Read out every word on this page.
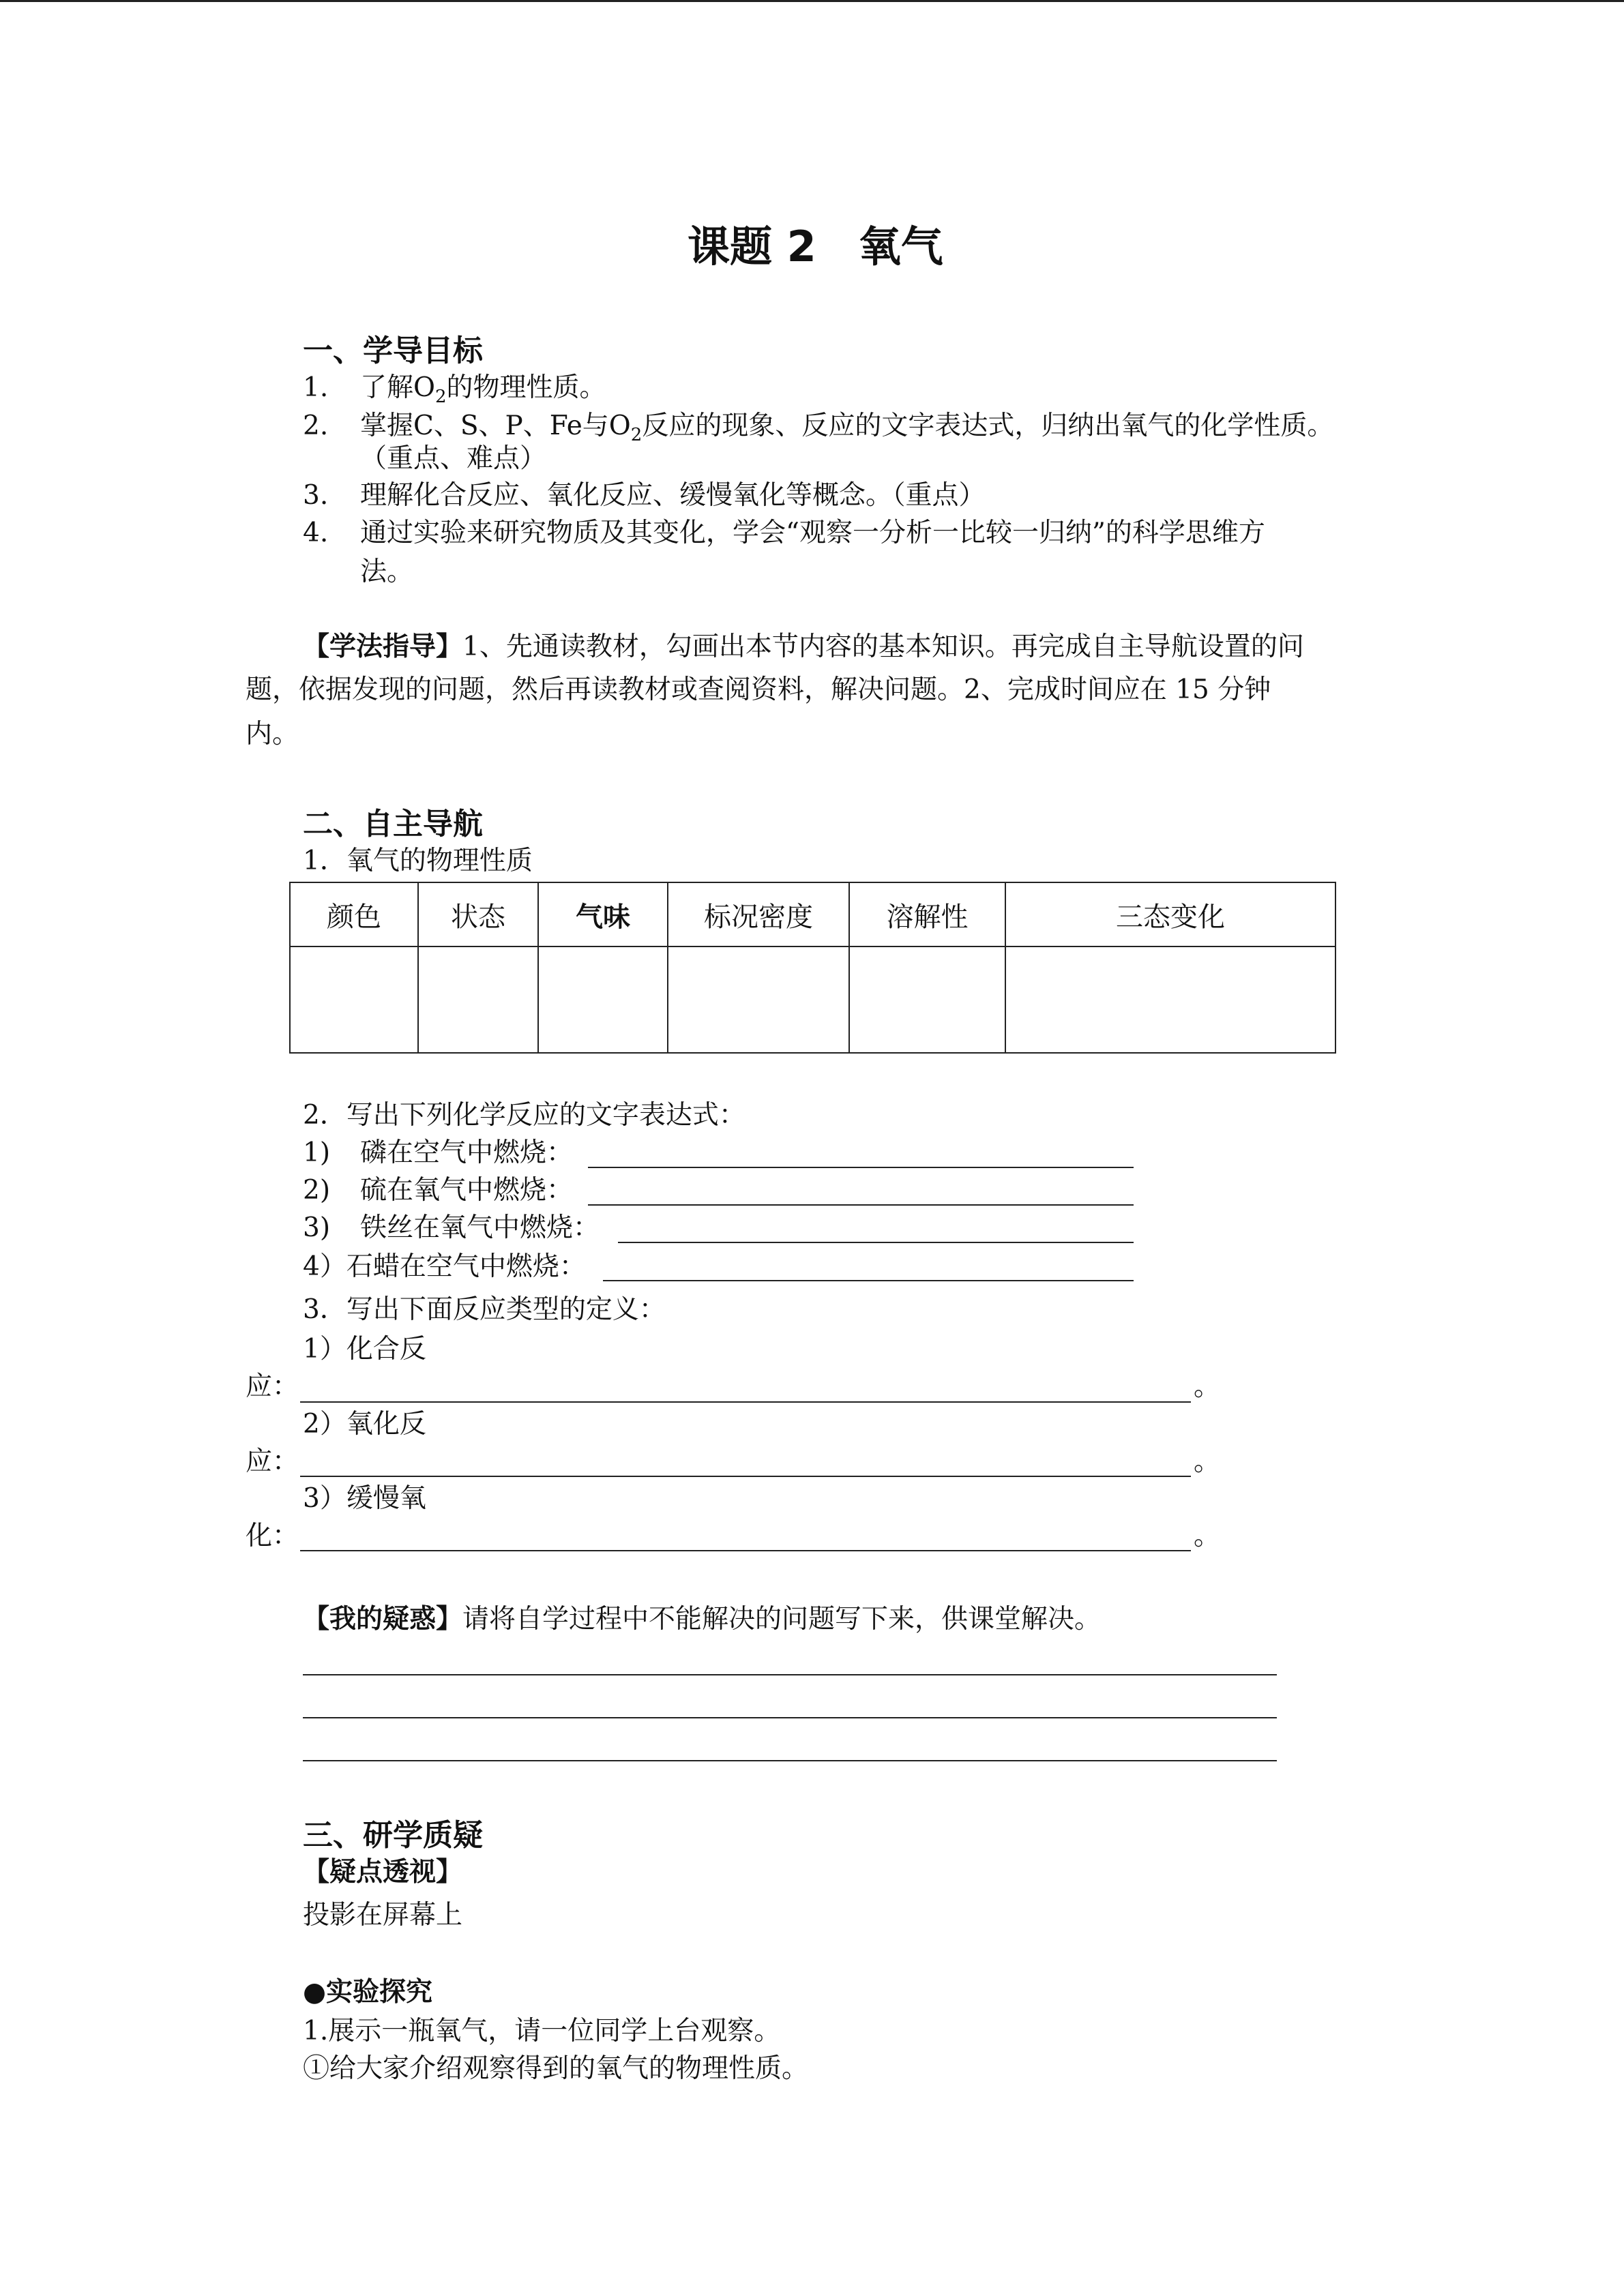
课题 2　氧气
一、学导目标
1. 了解$O_2$的物理性质。
2. 掌握C、S、P、Fe与$O_2$反应的现象、反应的文字表达式，归纳出氧气的化学性质。
（重点、难点）
3. 理解化合反应、氧化反应、缓慢氧化等概念。（重点）
4. 通过实验来研究物质及其变化，学会“观察一分析一比较一归纳”的科学思维方
法。
【学法指导】1、先通读教材，勾画出本节内容的基本知识。再完成自主导航设置的问
题，依据发现的问题，然后再读教材或查阅资料，解决问题。2、完成时间应在 15 分钟
内。
二、自主导航
1．氧气的物理性质
颜色	状态	气味	标况密度	溶解性	三态变化

2．写出下列化学反应的文字表达式：
1) 磷在空气中燃烧：
2) 硫在氧气中燃烧：
3) 铁丝在氧气中燃烧：
4）石蜡在空气中燃烧：
3．写出下面反应类型的定义：
1）化合反
应：	。
2）氧化反
应：	。
3）缓慢氧
化：	。
【我的疑惑】请将自学过程中不能解决的问题写下来，供课堂解决。
三、研学质疑
【疑点透视】
投影在屏幕上
●实验探究
1.展示一瓶氧气，请一位同学上台观察。
①给大家介绍观察得到的氧气的物理性质。
